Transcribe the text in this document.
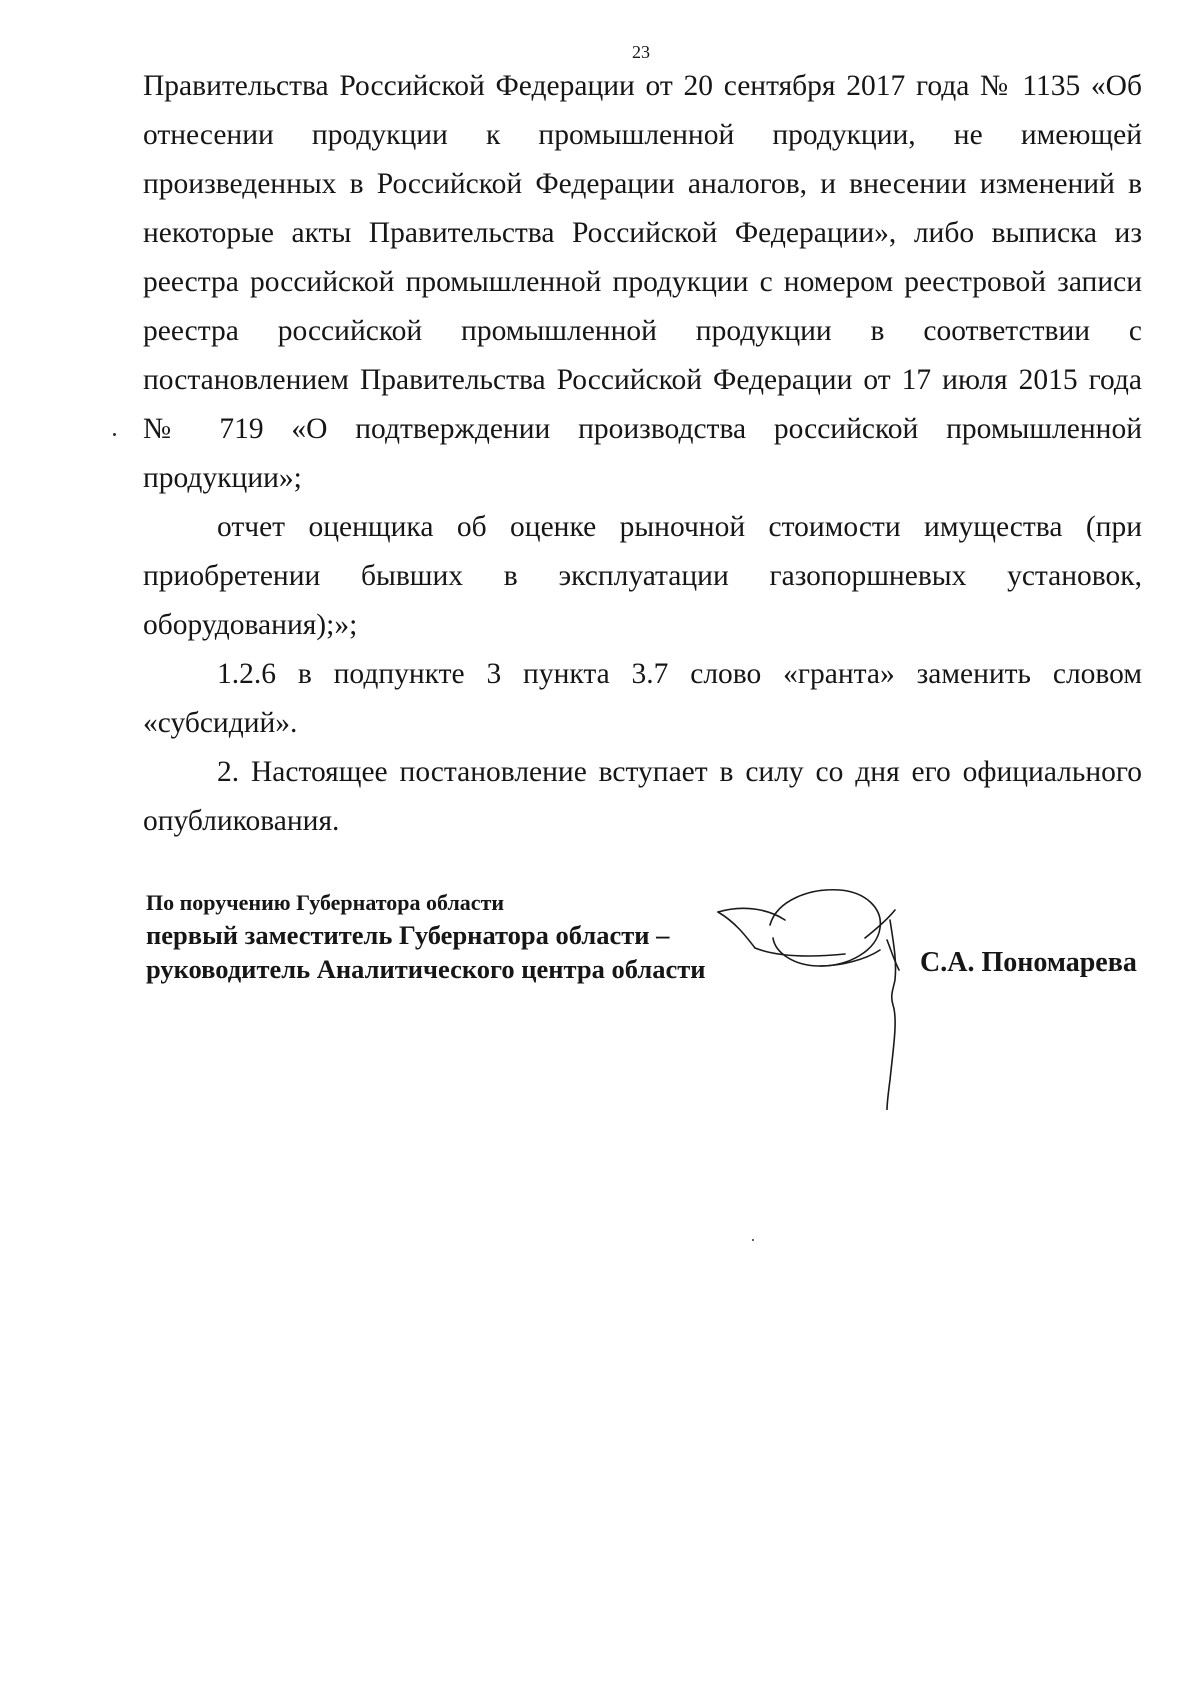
23

Правительства Российской Федерации от 20 сентября 2017 года № 1135 «Об отнесении продукции к промышленной продукции, не имеющей произведенных в Российской Федерации аналогов, и внесении изменений в некоторые акты Правительства Российской Федерации», либо выписка из реестра российской промышленной продукции с номером реестровой записи реестра российской промышленной продукции в соответствии с постановлением Правительства Российской Федерации от 17 июля 2015 года № 719 «О подтверждении производства российской промышленной продукции»;

отчет оценщика об оценке рыночной стоимости имущества (при приобретении бывших в эксплуатации газопоршневых установок, оборудования);»;

1.2.6 в подпункте 3 пункта 3.7 слово «гранта» заменить словом «субсидий».

2. Настоящее постановление вступает в силу со дня его официального опубликования.

По поручению Губернатора области
первый заместитель Губернатора области –
руководитель Аналитического центра области	С.А. Пономарева
